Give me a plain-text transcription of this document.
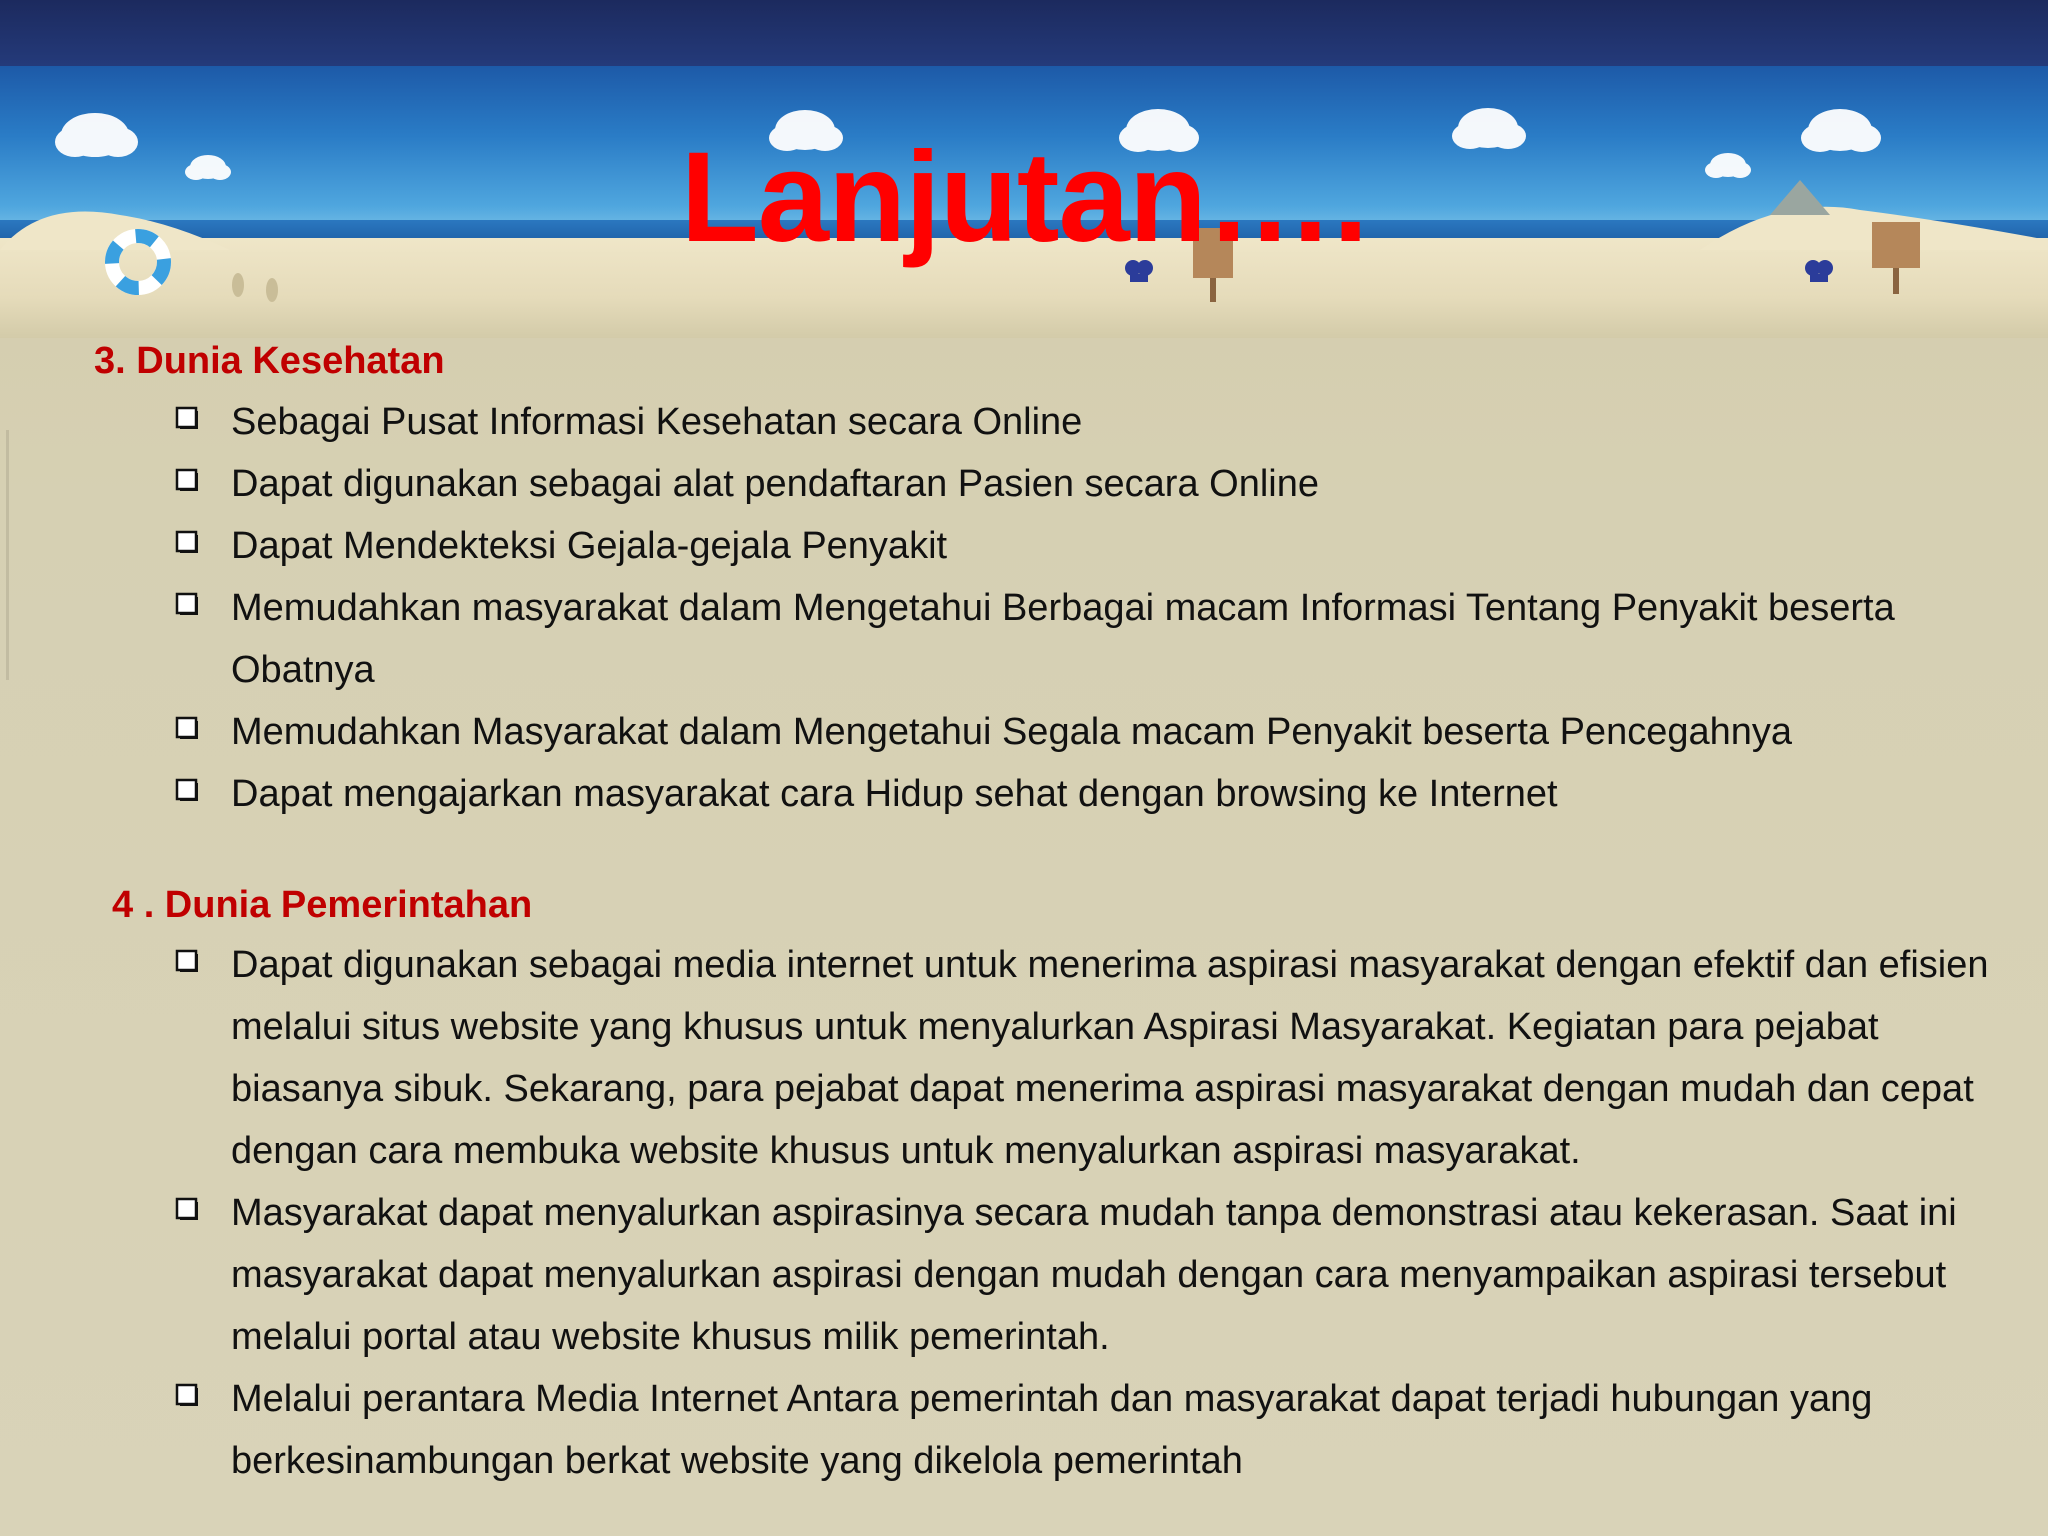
Lanjutan….
3. Dunia Kesehatan
Sebagai Pusat Informasi Kesehatan secara Online
Dapat digunakan sebagai alat pendaftaran Pasien secara Online
Dapat Mendekteksi Gejala-gejala Penyakit
Memudahkan masyarakat dalam Mengetahui Berbagai macam Informasi Tentang Penyakit beserta Obatnya
Memudahkan Masyarakat dalam Mengetahui Segala macam Penyakit beserta Pencegahnya
Dapat mengajarkan masyarakat cara Hidup sehat dengan browsing ke Internet
4 . Dunia Pemerintahan
Dapat digunakan sebagai media internet untuk menerima aspirasi masyarakat dengan efektif dan efisien melalui situs website yang khusus untuk menyalurkan Aspirasi Masyarakat. Kegiatan para pejabat biasanya sibuk. Sekarang, para pejabat dapat menerima aspirasi masyarakat dengan mudah dan cepat dengan cara membuka website khusus untuk menyalurkan aspirasi masyarakat.
Masyarakat dapat menyalurkan aspirasinya secara mudah tanpa demonstrasi atau kekerasan. Saat ini masyarakat dapat menyalurkan aspirasi dengan mudah dengan cara menyampaikan aspirasi tersebut melalui portal atau website khusus milik pemerintah.
Melalui perantara Media Internet Antara pemerintah dan masyarakat dapat terjadi hubungan yang berkesinambungan berkat website yang dikelola pemerintah
